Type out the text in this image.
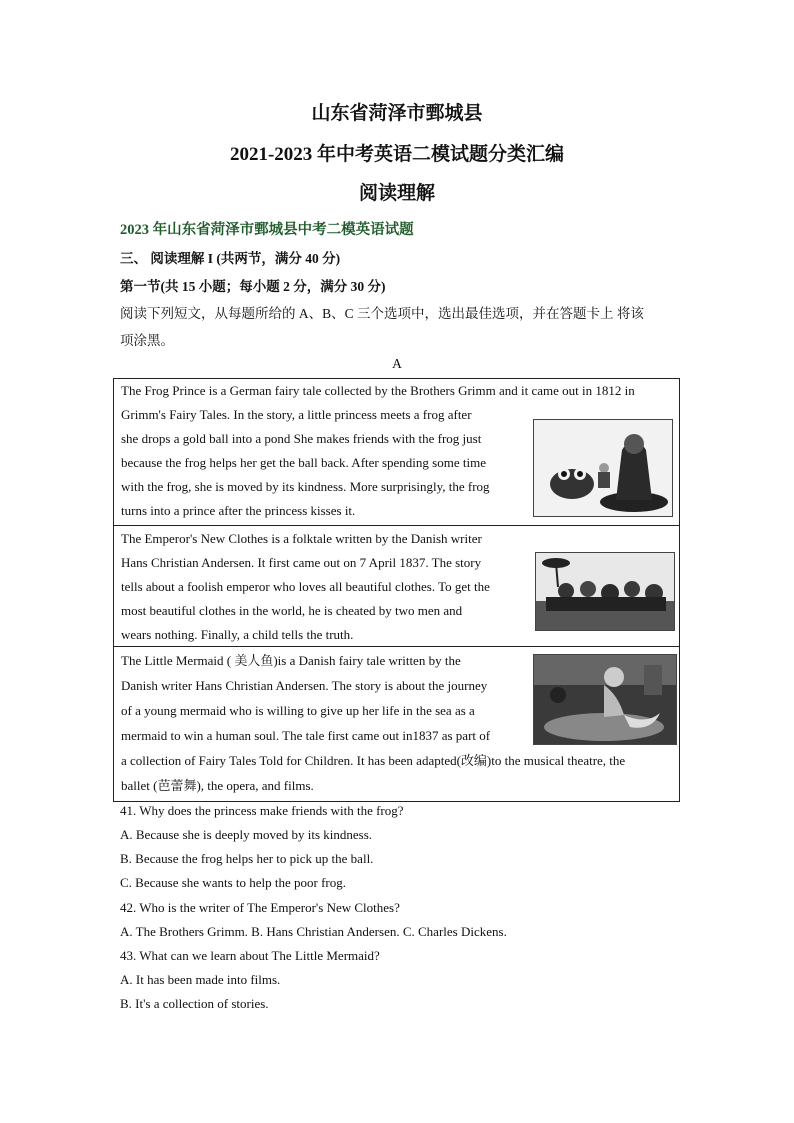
山东省菏泽市鄄城县
2021-2023 年中考英语二模试题分类汇编
阅读理解
2023 年山东省菏泽市鄄城县中考二模英语试题
三、 阅读理解 I (共两节，满分 40 分)
第一节(共 15 小题；每小题 2 分，满分 30 分)
阅读下列短文，从每题所给的 A、B、C 三个选项中，选出最佳选项，并在答题卡上 将该
项涂黑。
A
The Frog Prince is a German fairy tale collected by the Brothers Grimm and it came out in 1812 in
Grimm's Fairy Tales. In the story, a little princess meets a frog after
she drops a gold ball into a pond She makes friends with the frog just
because the frog helps her get the ball back. After spending some time
with the frog, she is moved by its kindness. More surprisingly, the frog
turns into a prince after the princess kisses it.
The Emperor's New Clothes is a folktale written by the Danish writer
Hans Christian Andersen. It first came out on 7 April 1837. The story
tells about a foolish emperor who loves all beautiful clothes. To get the
most beautiful clothes in the world, he is cheated by two men and
wears nothing. Finally, a child tells the truth.
The Little Mermaid ( 美人鱼)is a Danish fairy tale written by the
Danish writer Hans Christian Andersen. The story is about the journey
of a young mermaid who is willing to give up her life in the sea as a
mermaid to win a human soul. The tale first came out in1837 as part of
a collection of Fairy Tales Told for Children. It has been adapted(改编)to the musical theatre, the
ballet (芭蕾舞), the opera, and films.
41. Why does the princess make friends with the frog?
A. Because she is deeply moved by its kindness.
B. Because the frog helps her to pick up the ball.
C. Because she wants to help the poor frog.
42. Who is the writer of The Emperor's New Clothes?
A. The Brothers Grimm. B. Hans Christian Andersen. C. Charles Dickens.
43. What can we learn about The Little Mermaid?
A. It has been made into films.
B. It's a collection of stories.
